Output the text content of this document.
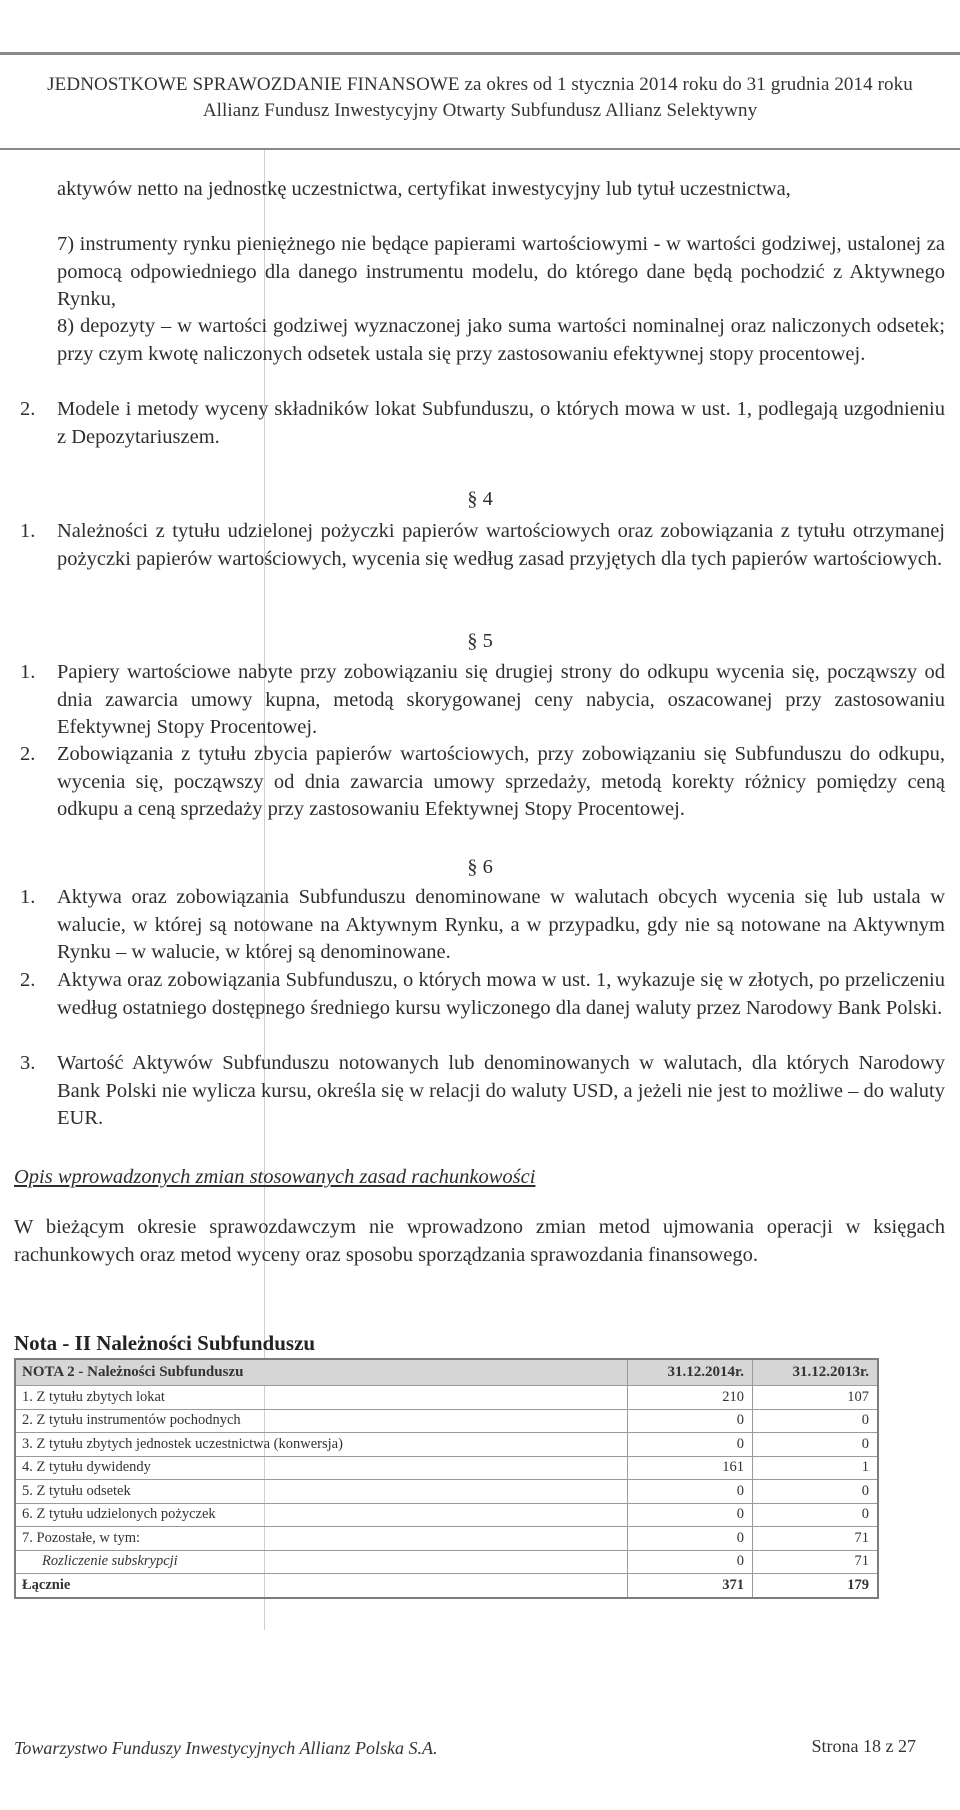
JEDNOSTKOWE SPRAWOZDANIE FINANSOWE za okres od 1 stycznia 2014 roku do 31 grudnia 2014 roku
Allianz Fundusz Inwestycyjny Otwarty Subfundusz Allianz Selektywny
aktywów netto na jednostkę uczestnictwa, certyfikat inwestycyjny lub tytuł uczestnictwa,
7) instrumenty rynku pieniężnego nie będące papierami wartościowymi - w wartości godziwej, ustalonej za pomocą odpowiedniego dla danego instrumentu modelu, do którego dane będą pochodzić z Aktywnego Rynku,
8) depozyty – w wartości godziwej wyznaczonej jako suma wartości nominalnej oraz naliczonych odsetek; przy czym kwotę naliczonych odsetek ustala się przy zastosowaniu efektywnej stopy procentowej.
2. Modele i metody wyceny składników lokat Subfunduszu, o których mowa w ust. 1, podlegają uzgodnieniu z Depozytariuszem.
§ 4
1. Należności z tytułu udzielonej pożyczki papierów wartościowych oraz zobowiązania z tytułu otrzymanej pożyczki papierów wartościowych, wycenia się według zasad przyjętych dla tych papierów wartościowych.
§ 5
1. Papiery wartościowe nabyte przy zobowiązaniu się drugiej strony do odkupu wycenia się, począwszy od dnia zawarcia umowy kupna, metodą skorygowanej ceny nabycia, oszacowanej przy zastosowaniu Efektywnej Stopy Procentowej.
2. Zobowiązania z tytułu zbycia papierów wartościowych, przy zobowiązaniu się Subfunduszu do odkupu, wycenia się, począwszy od dnia zawarcia umowy sprzedaży, metodą korekty różnicy pomiędzy ceną odkupu a ceną sprzedaży przy zastosowaniu Efektywnej Stopy Procentowej.
§ 6
1. Aktywa oraz zobowiązania Subfunduszu denominowane w walutach obcych wycenia się lub ustala w walucie, w której są notowane na Aktywnym Rynku, a w przypadku, gdy nie są notowane na Aktywnym Rynku – w walucie, w której są denominowane.
2. Aktywa oraz zobowiązania Subfunduszu, o których mowa w ust. 1, wykazuje się w złotych, po przeliczeniu według ostatniego dostępnego średniego kursu wyliczonego dla danej waluty przez Narodowy Bank Polski.
3. Wartość Aktywów Subfunduszu notowanych lub denominowanych w walutach, dla których Narodowy Bank Polski nie wylicza kursu, określa się w relacji do waluty USD, a jeżeli nie jest to możliwe – do waluty EUR.
Opis wprowadzonych zmian stosowanych zasad rachunkowości
W bieżącym okresie sprawozdawczym nie wprowadzono zmian metod ujmowania operacji w księgach rachunkowych oraz metod wyceny oraz sposobu sporządzania sprawozdania finansowego.
Nota - II Należności Subfunduszu
NOTA 2 - Należności Subfunduszu	31.12.2014r.	31.12.2013r.
1. Z tytułu zbytych lokat	210	107
2. Z tytułu instrumentów pochodnych	0	0
3. Z tytułu zbytych jednostek uczestnictwa (konwersja)	0	0
4. Z tytułu dywidendy	161	1
5. Z tytułu odsetek	0	0
6. Z tytułu udzielonych pożyczek	0	0
7. Pozostałe, w tym:	0	71
Rozliczenie subskrypcji	0	71
Łącznie	371	179
Towarzystwo Funduszy Inwestycyjnych Allianz Polska S.A.	Strona 18 z 27
